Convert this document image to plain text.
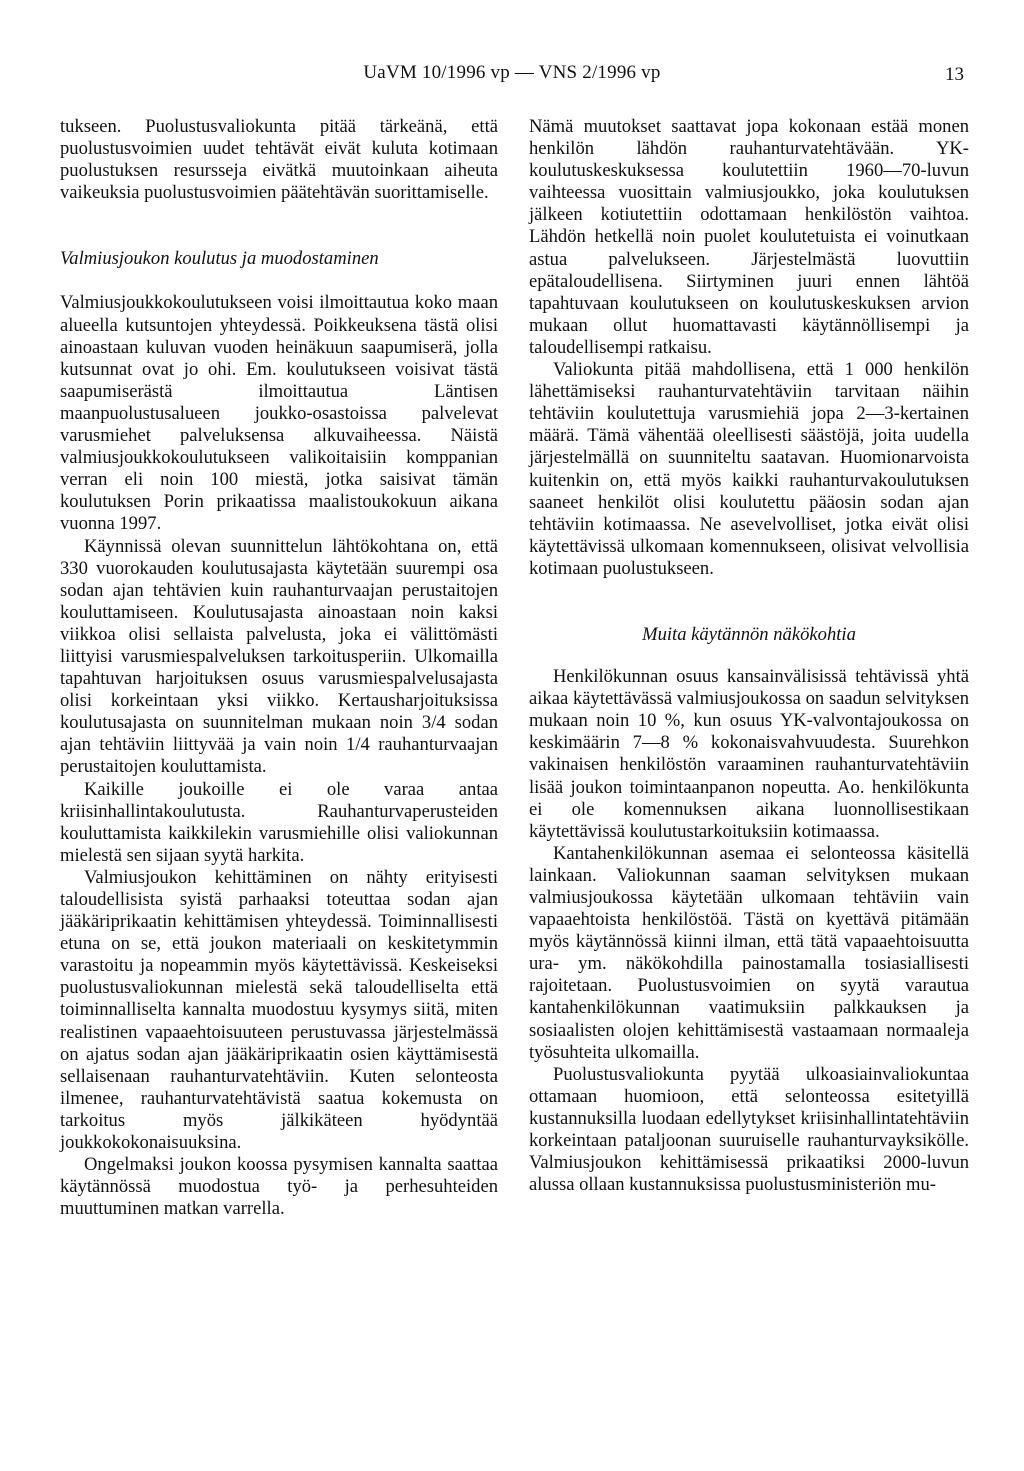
UaVM 10/1996 vp — VNS 2/1996 vp	13

tukseen. Puolustusvaliokunta pitää tärkeänä, että puolustusvoimien uudet tehtävät eivät kuluta kotimaan puolustuksen resursseja eivätkä muutoinkaan aiheuta vaikeuksia puolustusvoimien päätehtävän suorittamiselle.

Valmiusjoukon koulutus ja muodostaminen

Valmiusjoukkokoulutukseen voisi ilmoittautua koko maan alueella kutsuntojen yhteydessä. Poikkeuksena tästä olisi ainoastaan kuluvan vuoden heinäkuun saapumiserä, jolla kutsunnat ovat jo ohi. Em. koulutukseen voisivat tästä saapumiserästä ilmoittautua Läntisen maanpuolustusalueen joukko-osastoissa palvelevat varusmiehet palveluksensa alkuvaiheessa. Näistä valmiusjoukkokoulutukseen valikoitaisiin komppanian verran eli noin 100 miestä, jotka saisivat tämän koulutuksen Porin prikaatissa maalistoukokuun aikana vuonna 1997.

Käynnissä olevan suunnittelun lähtökohtana on, että 330 vuorokauden koulutusajasta käytetään suurempi osa sodan ajan tehtävien kuin rauhanturvaajan perustaitojen kouluttamiseen. Koulutusajasta ainoastaan noin kaksi viikkoa olisi sellaista palvelusta, joka ei välittömästi liittyisi varusmiespalveluksen tarkoitusperiin. Ulkomailla tapahtuvan harjoituksen osuus varusmiespalvelusajasta olisi korkeintaan yksi viikko. Kertausharjoituksissa koulutusajasta on suunnitelman mukaan noin 3/4 sodan ajan tehtäviin liittyvää ja vain noin 1/4 rauhanturvaajan perustaitojen kouluttamista.

Kaikille joukoille ei ole varaa antaa kriisinhallintakoulutusta. Rauhanturvaperusteiden kouluttamista kaikkilekin varusmiehille olisi valiokunnan mielestä sen sijaan syytä harkita.

Valmiusjoukon kehittäminen on nähty erityisesti taloudellisista syistä parhaaksi toteuttaa sodan ajan jääkäriprikaatin kehittämisen yhteydessä. Toiminnallisesti etuna on se, että joukon materiaali on keskitetymmin varastoitu ja nopeammin myös käytettävissä. Keskeiseksi puolustusvaliokunnan mielestä sekä taloudelliselta että toiminnalliselta kannalta muodostuu kysymys siitä, miten realistinen vapaaehtoisuuteen perustuvassa järjestelmässä on ajatus sodan ajan jääkäriprikaatin osien käyttämisestä sellaisenaan rauhanturvatehtäviin. Kuten selonteosta ilmenee, rauhanturvatehtävistä saatua kokemusta on tarkoitus myös jälkikäteen hyödyntää joukkokokonaisuuksina.

Ongelmaksi joukon koossa pysymisen kannalta saattaa käytännössä muodostua työ- ja perhesuhteiden muuttuminen matkan varrella.

Nämä muutokset saattavat jopa kokonaan estää monen henkilön lähdön rauhanturvatehtävään. YK-koulutuskeskuksessa koulutettiin 1960—70-luvun vaihteessa vuosittain valmiusjoukko, joka koulutuksen jälkeen kotiutettiin odottamaan henkilöstön vaihtoa. Lähdön hetkellä noin puolet koulutetuista ei voinutkaan astua palvelukseen. Järjestelmästä luovuttiin epätaloudellisena. Siirtyminen juuri ennen lähtöä tapahtuvaan koulutukseen on koulutuskeskuksen arvion mukaan ollut huomattavasti käytännöllisempi ja taloudellisempi ratkaisu.

Valiokunta pitää mahdollisena, että 1 000 henkilön lähettämiseksi rauhanturvatehtäviin tarvitaan näihin tehtäviin koulutettuja varusmiehiä jopa 2—3-kertainen määrä. Tämä vähentää oleellisesti säästöjä, joita uudella järjestelmällä on suunniteltu saatavan. Huomionarvoista kuitenkin on, että myös kaikki rauhanturvakoulutuksen saaneet henkilöt olisi koulutettu pääosin sodan ajan tehtäviin kotimaassa. Ne asevelvolliset, jotka eivät olisi käytettävissä ulkomaan komennukseen, olisivat velvollisia kotimaan puolustukseen.

Muita käytännön näkökohtia

Henkilökunnan osuus kansainvälisissä tehtävissä yhtä aikaa käytettävässä valmiusjoukossa on saadun selvityksen mukaan noin 10 %, kun osuus YK-valvontajoukossa on keskimäärin 7—8 % kokonaisvahvuudesta. Suurehkon vakinaisen henkilöstön varaaminen rauhanturvatehtäviin lisää joukon toimintaanpanon nopeutta. Ao. henkilökunta ei ole komennuksen aikana luonnollisestikaan käytettävissä koulutustarkoituksiin kotimaassa.

Kantahenkilökunnan asemaa ei selonteossa käsitellä lainkaan. Valiokunnan saaman selvityksen mukaan valmiusjoukossa käytetään ulkomaan tehtäviin vain vapaaehtoista henkilöstöä. Tästä on kyettävä pitämään myös käytännössä kiinni ilman, että tätä vapaaehtoisuutta ura- ym. näkökohdilla painostamalla tosiasiallisesti rajoitetaan. Puolustusvoimien on syytä varautua kantahenkilökunnan vaatimuksiin palkkauksen ja sosiaalisten olojen kehittämisestä vastaamaan normaaleja työsuhteita ulkomailla.

Puolustusvaliokunta pyytää ulkoasiainvaliokuntaa ottamaan huomioon, että selonteossa esitetyillä kustannuksilla luodaan edellytykset kriisinhallintatehtäviin korkeintaan pataljoonan suuruiselle rauhanturvayksikölle. Valmiusjoukon kehittämisessä prikaatiksi 2000-luvun alussa ollaan kustannuksissa puolustusministeriön mu-
